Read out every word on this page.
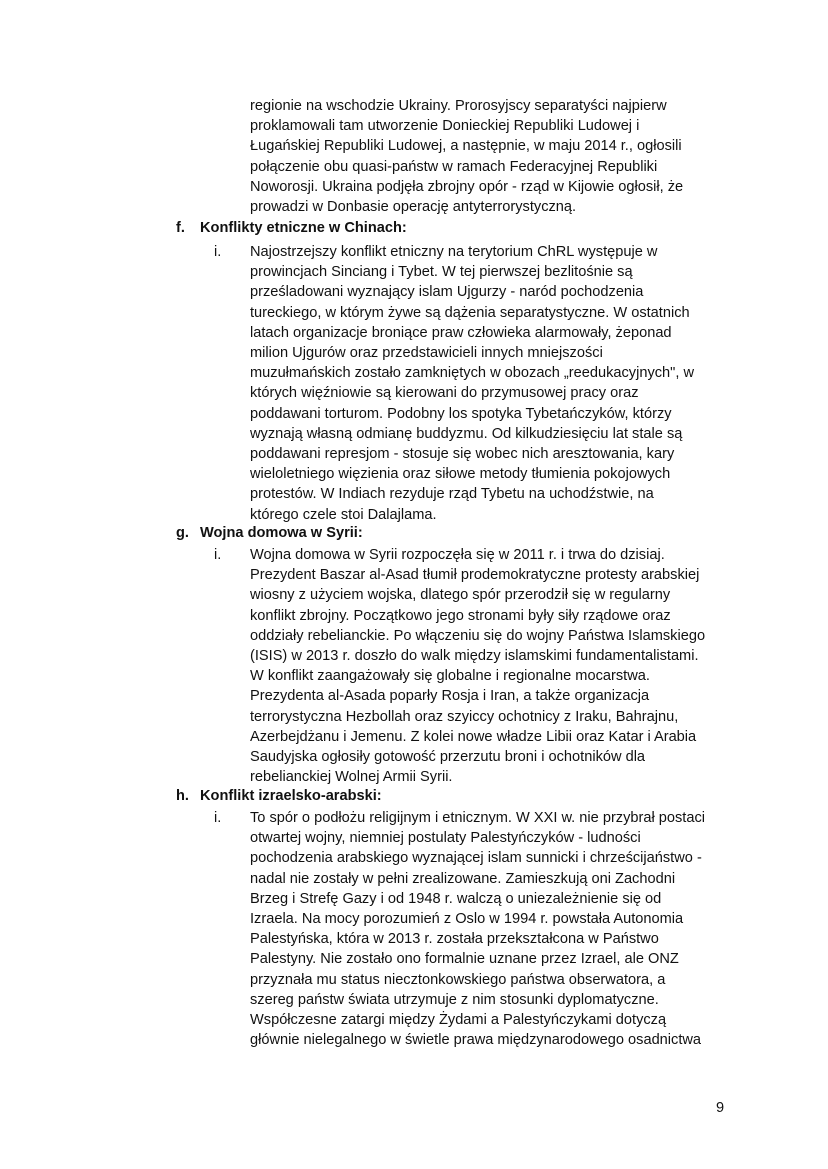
regionie na wschodzie Ukrainy. Prorosyjscy separatyści najpierw
proklamowali tam utworzenie Donieckiej Republiki Ludowej i
Ługańskiej Republiki Ludowej, a następnie, w maju 2014 r., ogłosili
połączenie obu quasi-państw w ramach Federacyjnej Republiki
Noworosji. Ukraina podjęła zbrojny opór - rząd w Kijowie ogłosił, że
prowadzi w Donbasie operację antyterrorystyczną.
f. Konflikty etniczne w Chinach:
i. Najostrzejszy konflikt etniczny na terytorium ChRL występuje w
prowincjach Sinciang i Tybet. W tej pierwszej bezlitośnie są
prześladowani wyznający islam Ujgurzy - naród pochodzenia
tureckiego, w którym żywe są dążenia separatystyczne. W ostatnich
latach organizacje broniące praw człowieka alarmowały, żeponad
milion Ujgurów oraz przedstawicieli innych mniejszości
muzułmańskich zostało zamkniętych w obozach „reedukacyjnych", w
których więźniowie są kierowani do przymusowej pracy oraz
poddawani torturom. Podobny los spotyka Tybetańczyków, którzy
wyznają własną odmianę buddyzmu. Od kilkudziesięciu lat stale są
poddawani represjom - stosuje się wobec nich aresztowania, kary
wieloletniego więzienia oraz siłowe metody tłumienia pokojowych
protestów. W Indiach rezyduje rząd Tybetu na uchodźstwie, na
którego czele stoi Dalajlama.
g. Wojna domowa w Syrii:
i. Wojna domowa w Syrii rozpoczęła się w 2011 r. i trwa do dzisiaj.
Prezydent Baszar al-Asad tłumił prodemokratyczne protesty arabskiej
wiosny z użyciem wojska, dlatego spór przerodził się w regularny
konflikt zbrojny. Początkowo jego stronami były siły rządowe oraz
oddziały rebelianckie. Po włączeniu się do wojny Państwa Islamskiego
(ISIS) w 2013 r. doszło do walk między islamskimi fundamentalistami.
W konflikt zaangażowały się globalne i regionalne mocarstwa.
Prezydenta al-Asada poparły Rosja i Iran, a także organizacja
terrorystyczna Hezbollah oraz szyiccy ochotnicy z Iraku, Bahrajnu,
Azerbejdżanu i Jemenu. Z kolei nowe władze Libii oraz Katar i Arabia
Saudyjska ogłosiły gotowość przerzutu broni i ochotników dla
rebelianckiej Wolnej Armii Syrii.
h. Konflikt izraelsko-arabski:
i. To spór o podłożu religijnym i etnicznym. W XXI w. nie przybrał postaci
otwartej wojny, niemniej postulaty Palestyńczyków - ludności
pochodzenia arabskiego wyznającej islam sunnicki i chrześcijaństwo -
nadal nie zostały w pełni zrealizowane. Zamieszkują oni Zachodni
Brzeg i Strefę Gazy i od 1948 r. walczą o uniezależnienie się od
Izraela. Na mocy porozumień z Oslo w 1994 r. powstała Autonomia
Palestyńska, która w 2013 r. została przekształcona w Państwo
Palestyny. Nie zostało ono formalnie uznane przez Izrael, ale ONZ
przyznała mu status niecztonkowskiego państwa obserwatora, a
szereg państw świata utrzymuje z nim stosunki dyplomatyczne.
Współczesne zatargi między Żydami a Palestyńczykami dotyczą
głównie nielegalnego w świetle prawa międzynarodowego osadnictwa
9
